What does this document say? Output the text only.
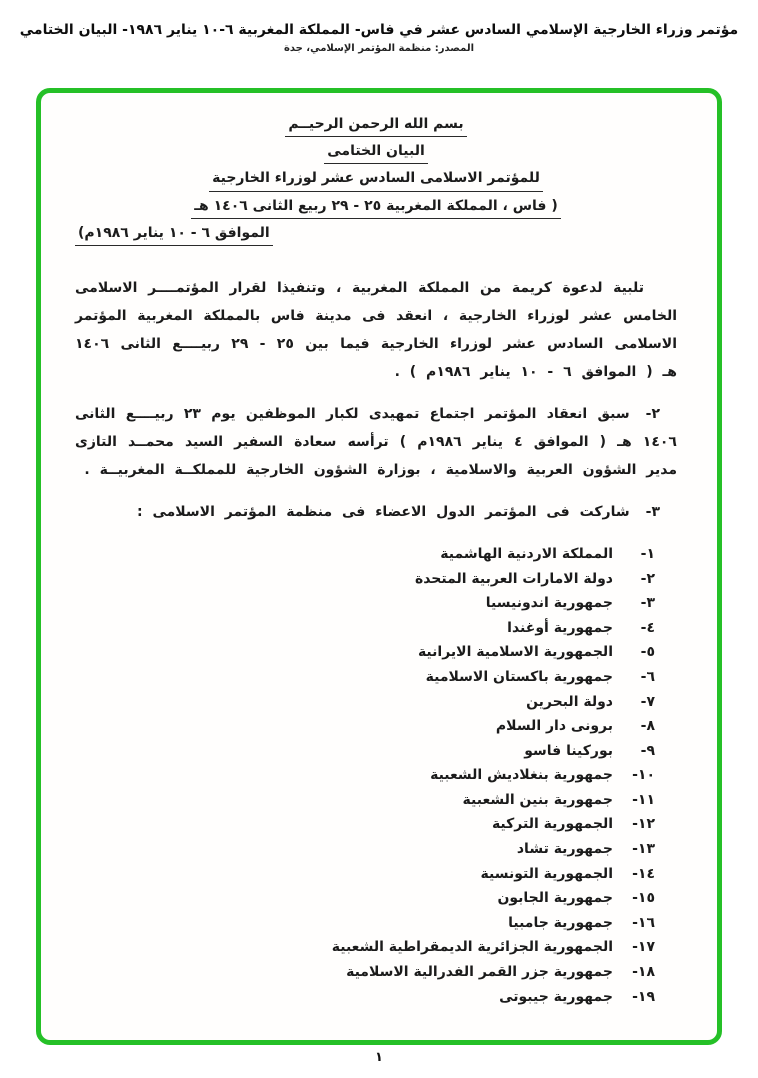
مؤتمر وزراء الخارجية الإسلامي السادس عشر في فاس- المملكة المغربية ٦-١٠ يناير ١٩٨٦- البيان الختامي
المصدر: منظمة المؤتمر الإسلامي، جدة
بسم الله الرحمن الرحيــم
البيان الختامى
للمؤتمر الاسلامى السادس عشر لوزراء الخارجية
( فاس ، المملكة المغربية ٢٥ - ٢٩ ربيع الثانى ١٤٠٦ هـ
الموافق ٦ - ١٠ يناير ١٩٨٦م)

تلبية لدعوة كريمة من المملكة المغربية ، وتنفيذا لقرار المؤتمــــر الاسلامى الخامس عشر لوزراء الخارجية ، انعقد فى مدينة فاس بالمملكة المغربية المؤتمر الاسلامى السادس عشر لوزراء الخارجية فيما بين ٢٥ - ٢٩ ربيــــع الثانى ١٤٠٦ هـ ( الموافق ٦ - ١٠ يناير ١٩٨٦م ) .

٢-سبق انعقاد المؤتمر اجتماع تمهيدى لكبار الموظفين يوم ٢٣ ربيــــع الثانى ١٤٠٦ هـ ( الموافق ٤ يناير ١٩٨٦م ) ترأسه سعادة السفير السيد محمــد التازى مدير الشؤون العربية والاسلامية ، بوزارة الشؤون الخارجية للمملكــة المغربيــة .

٣-شاركت فى المؤتمر الدول الاعضاء فى منظمة المؤتمر الاسلامى :

١-المملكة الاردنية الهاشمية
٢-دولة الامارات العربية المتحدة
٣-جمهورية اندونيسيا
٤-جمهورية أوغندا
٥-الجمهورية الاسلامية الايرانية
٦-جمهورية باكستان الاسلامية
٧-دولة البحرين
٨-برونى دار السلام
٩-بوركينا فاسو
١٠-جمهورية بنغلاديش الشعبية
١١-جمهورية بنين الشعبية
١٢-الجمهورية التركية
١٣-جمهورية تشاد
١٤-الجمهورية التونسية
١٥-جمهورية الجابون
١٦-جمهورية جامبيا
١٧-الجمهورية الجزائرية الديمقراطية الشعبية
١٨-جمهورية جزر القمر الفدرالية الاسلامية
١٩-جمهورية جيبوتى
١
